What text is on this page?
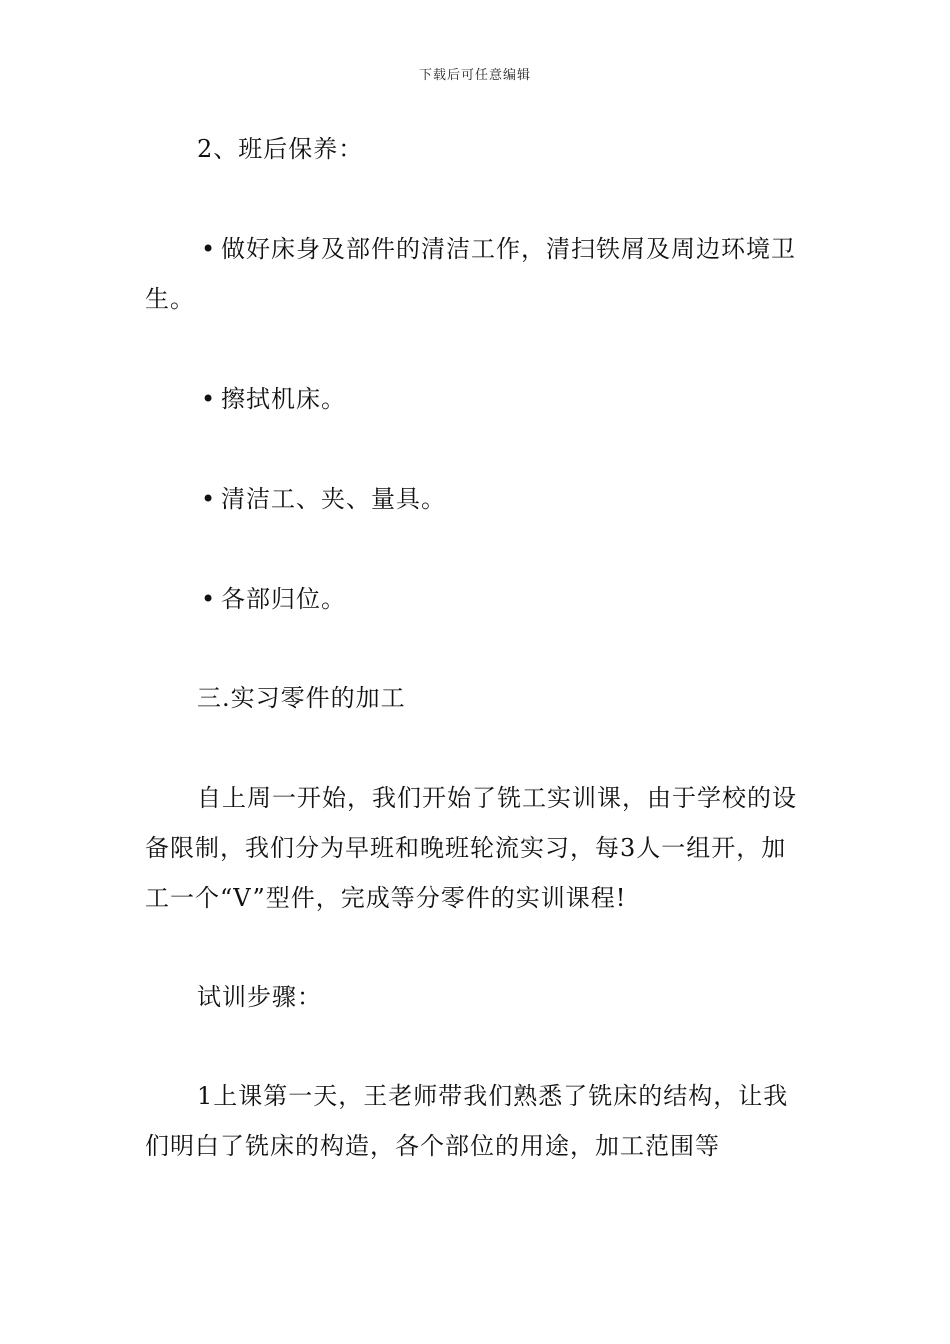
下载后可任意编辑
2、班后保养：
• 做好床身及部件的清洁工作，清扫铁屑及周边环境卫生。
• 擦拭机床。
• 清洁工、夹、量具。
• 各部归位。
三.实习零件的加工
自上周一开始，我们开始了铣工实训课，由于学校的设备限制，我们分为早班和晚班轮流实习，每3人一组开，加工一个“V”型件，完成等分零件的实训课程!
试训步骤：
1上课第一天，王老师带我们熟悉了铣床的结构，让我们明白了铣床的构造，各个部位的用途，加工范围等
